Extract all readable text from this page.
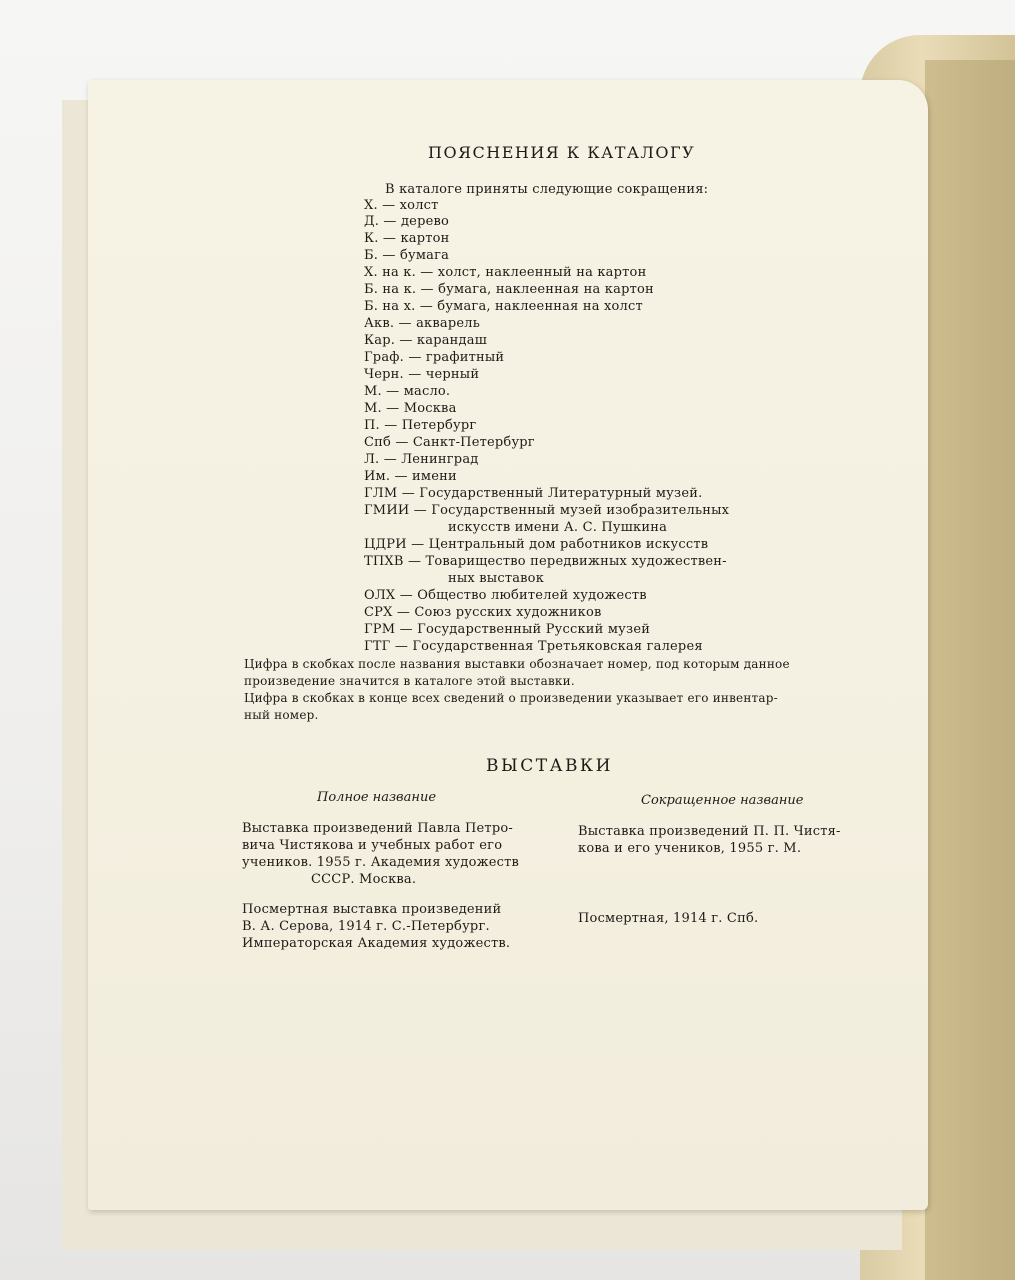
ПОЯСНЕНИЯ К КАТАЛОГУ
В каталоге приняты следующие сокращения:
Х. — холст
Д. — дерево
К. — картон
Б. — бумага
Х. на к. — холст, наклеенный на картон
Б. на к. — бумага, наклеенная на картон
Б. на х. — бумага, наклеенная на холст
Акв. — акварель
Кар. — карандаш
Граф. — графитный
Черн. — черный
М. — масло.
М. — Москва
П. — Петербург
Спб — Санкт-Петербург
Л. — Ленинград
Им. — имени
ГЛМ — Государственный Литературный музей.
ГМИИ — Государственный музей изобразительных
искусств имени А. С. Пушкина
ЦДРИ — Центральный дом работников искусств
ТПХВ — Товарищество передвижных художествен-
ных выставок
ОЛХ — Общество любителей художеств
СРХ — Союз русских художников
ГРМ — Государственный Русский музей
ГТГ — Государственная Третьяковская галерея
Цифра в скобках после названия выставки обозначает номер, под которым данное
произведение значится в каталоге этой выставки.
Цифра в скобках в конце всех сведений о произведении указывает его инвентар-
ный номер.
ВЫСТАВКИ
Полное название	Сокращенное название
Выставка произведений Павла Петро-
вича Чистякова и учебных работ его
учеников. 1955 г. Академия художеств
СССР. Москва.
Выставка произведений П. П. Чистя-
кова и его учеников, 1955 г. М.
Посмертная выставка произведений
В. А. Серова, 1914 г. С.-Петербург.
Императорская Академия художеств.
Посмертная, 1914 г. Спб.
